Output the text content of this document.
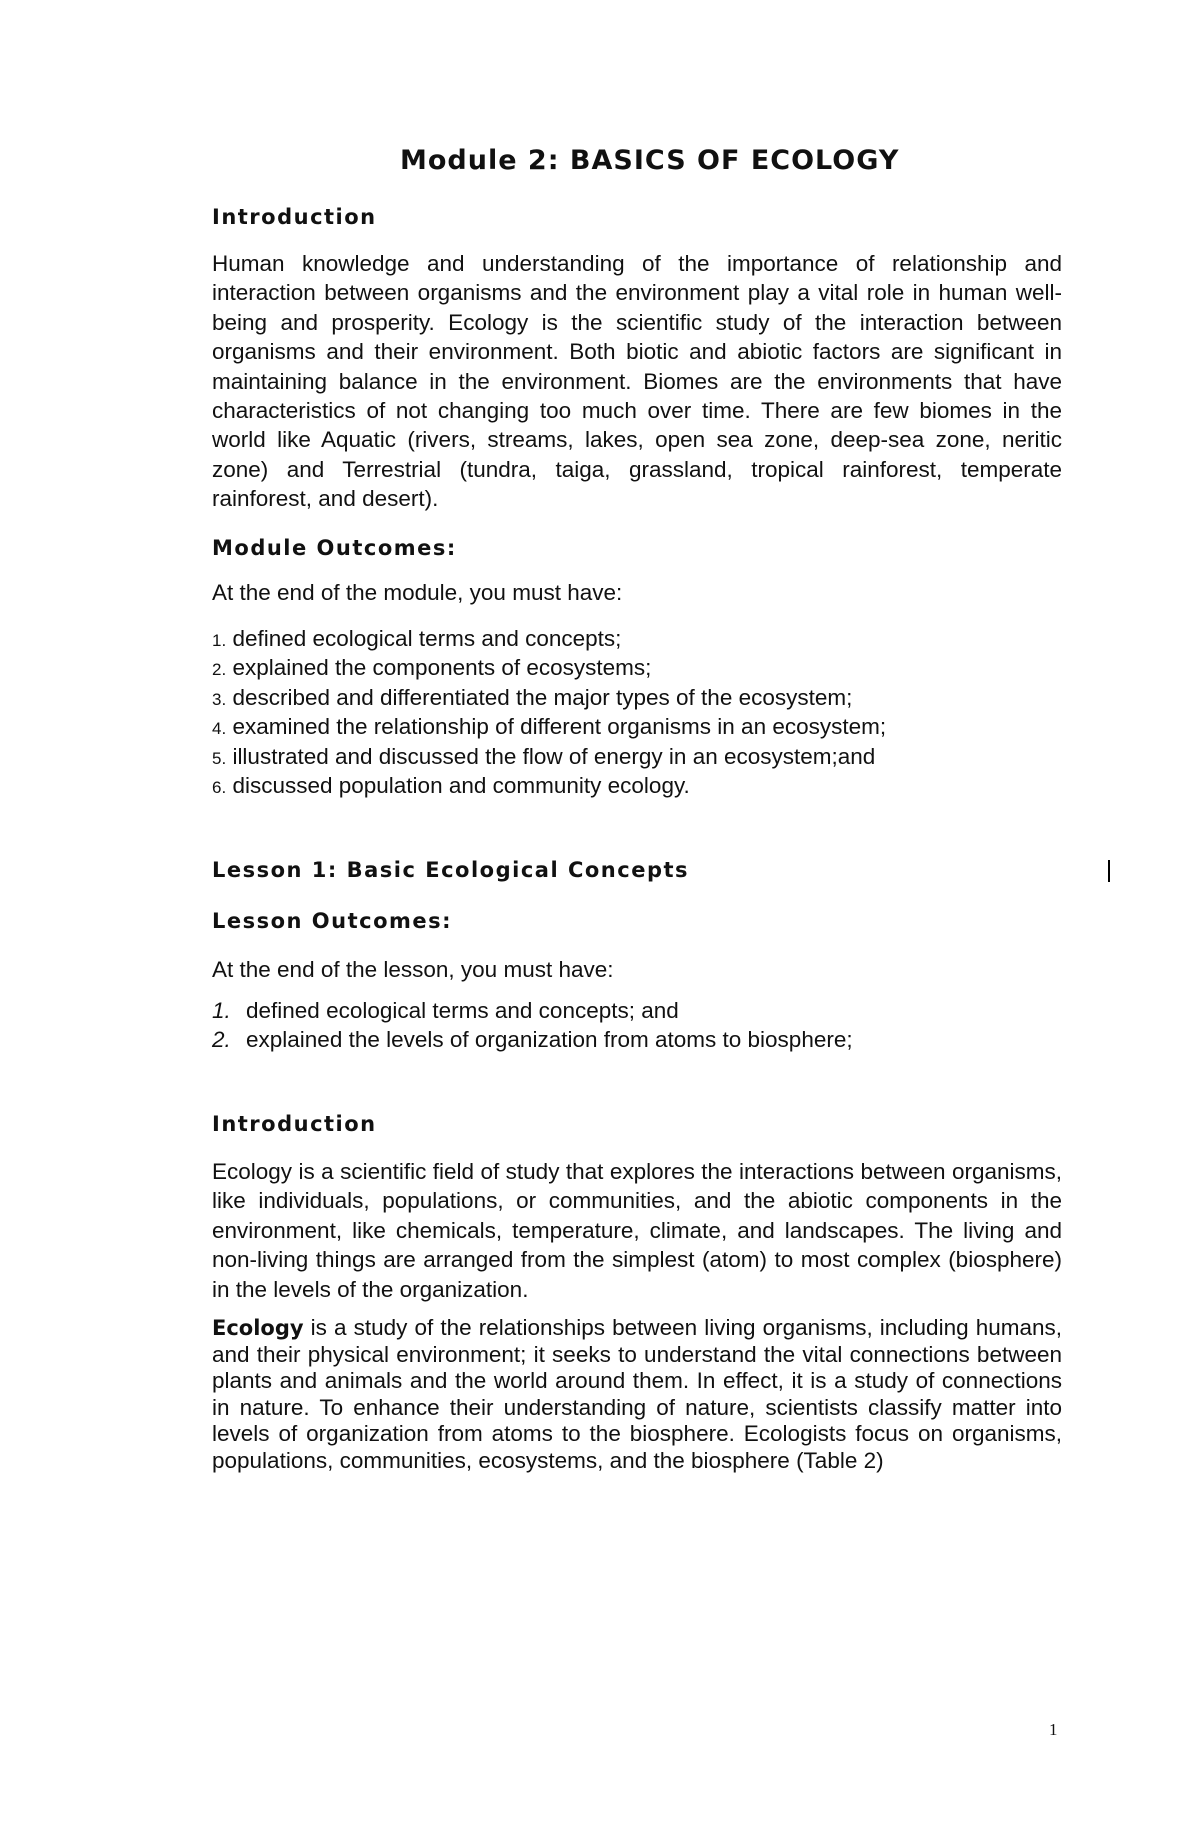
Module 2: BASICS OF ECOLOGY
Introduction

Human knowledge and understanding of the importance of relationship and interaction between organisms and the environment play a vital role in human well-being and prosperity. Ecology is the scientific study of the interaction between organisms and their environment. Both biotic and abiotic factors are significant in maintaining balance in the environment. Biomes are the environments that have characteristics of not changing too much over time. There are few biomes in the world like Aquatic (rivers, streams, lakes, open sea zone, deep-sea zone, neritic zone) and Terrestrial (tundra, taiga, grassland, tropical rainforest, temperate rainforest, and desert).

Module Outcomes:

At the end of the module, you must have:

1. defined ecological terms and concepts;
2. explained the components of ecosystems;
3. described and differentiated the major types of the ecosystem;
4. examined the relationship of different organisms in an ecosystem;
5. illustrated and discussed the flow of energy in an ecosystem;and
6. discussed population and community ecology.
Lesson 1: Basic Ecological Concepts
Lesson Outcomes:

At the end of the lesson, you must have:

1. defined ecological terms and concepts; and
2. explained the levels of organization from atoms to biosphere;
Introduction

Ecology is a scientific field of study that explores the interactions between organisms, like individuals, populations, or communities, and the abiotic components in the environment, like chemicals, temperature, climate, and landscapes. The living and non-living things are arranged from the simplest (atom) to most complex (biosphere) in the levels of the organization.

Ecology is a study of the relationships between living organisms, including humans, and their physical environment; it seeks to understand the vital connections between plants and animals and the world around them. In effect, it is a study of connections in nature. To enhance their understanding of nature, scientists classify matter into levels of organization from atoms to the biosphere. Ecologists focus on organisms, populations, communities, ecosystems, and the biosphere (Table 2)

1
